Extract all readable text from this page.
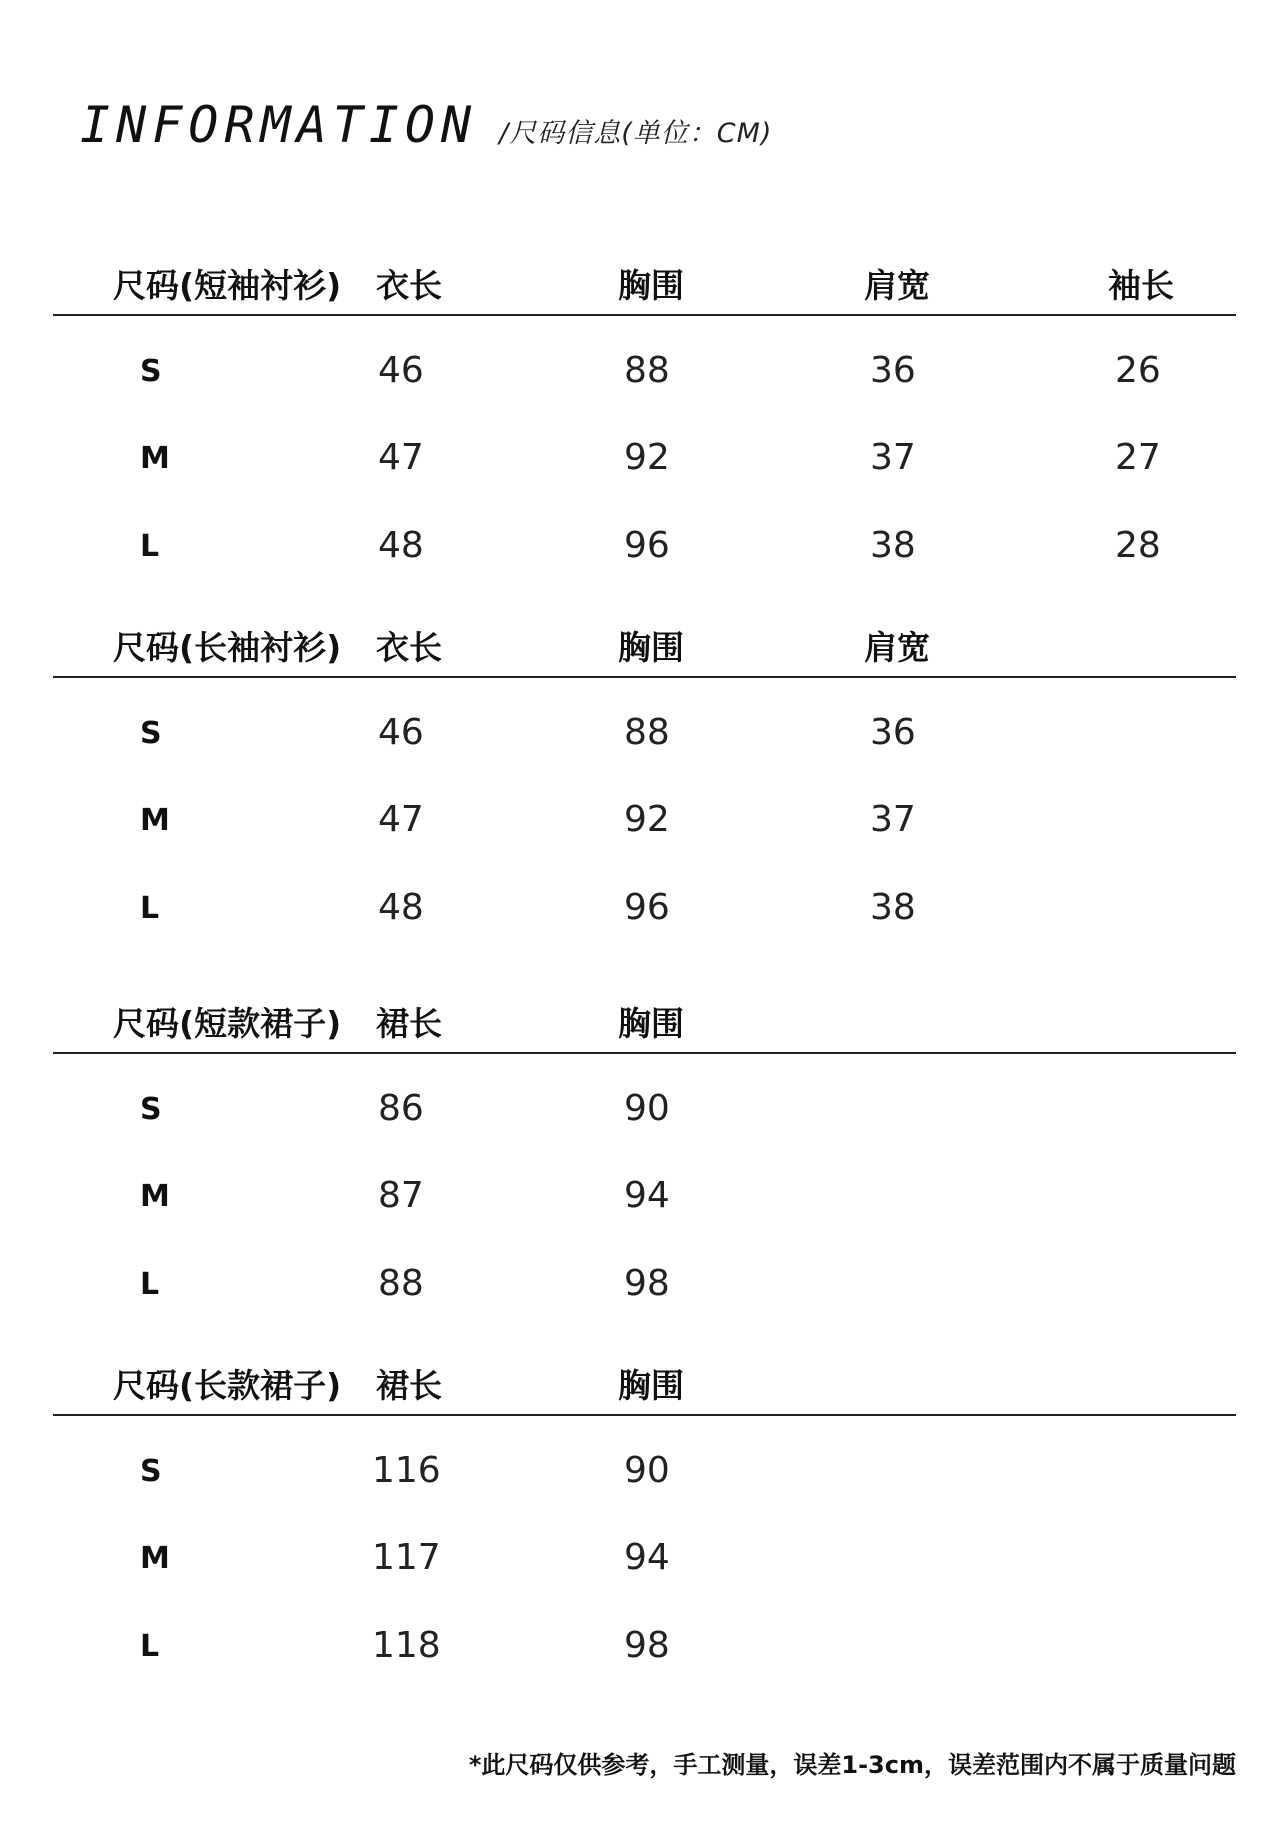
INFORMATION /尺码信息(单位：CM)
尺码(短袖衬衫) 衣长	胸围	肩宽	袖长
S	46	88	36	26
M	47	92	37	27
L	48	96	38	28
尺码(长袖衬衫) 衣长	胸围	肩宽
S	46	88	36
M	47	92	37
L	48	96	38
尺码(短款裙子) 裙长	胸围
S	86	90
M	87	94
L	88	98
尺码(长款裙子) 裙长	胸围
S	116	90
M	117	94
L	118	98
*此尺码仅供参考，手工测量，误差1-3cm，误差范围内不属于质量问题
